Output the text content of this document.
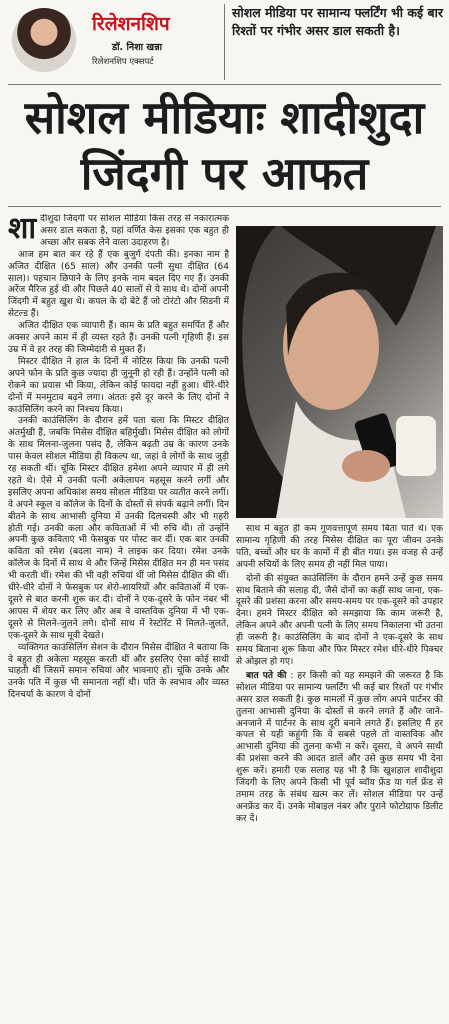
रिलेशनशिप
डॉ. निशा खन्ना
रिलेशनशिप एक्सपर्ट
सोशल मीडिया पर सामान्य फ्लर्टिंग भी कई बार रिश्तों पर गंभीर असर डाल सकती है।
सोशल मीडियाः शादीशुदा
जिंदगी पर आफत

शादीशुदा जिंदगी पर सोशल मीडिया किस तरह से नकारात्मक असर डाल सकता है, यहां वर्णित केस इसका एक बहुत ही अच्छा और सबक लेने वाला उदाहरण है।

आज हम बात कर रहे हैं एक बुजुर्ग दंपती की। इनका नाम है अजित दीक्षित (65 साल) और उनकी पत्नी सुधा दीक्षित (64 साल)। पहचान छिपाने के लिए इनके नाम बदल दिए गए हैं। उनकी अरेंज मैरिज हुई थी और पिछले 40 सालों से ये साथ थे। दोनों अपनी जिंदगी में बहुत खुश थे। कपल के दो बेटे हैं जो टोरंटो और सिडनी में सेटल्ड हैं।

अजित दीक्षित एक व्यापारी हैं। काम के प्रति बहुत समर्पित हैं और अक्सर अपने काम में ही व्यस्त रहते हैं। उनकी पत्नी गृहिणी हैं। इस उम्र में वे हर तरह की जिम्मेदारी से मुक्त हैं।

मिस्टर दीक्षित ने हाल के दिनों में नोटिस किया कि उनकी पत्नी अपने फोन के प्रति कुछ ज्यादा ही जुनूनी हो रही हैं। उन्होंने पत्नी को रोकने का प्रयास भी किया, लेकिन कोई फायदा नहीं हुआ। धीरे-धीरे दोनों में मनमुटाव बढ़ने लगा। अंततः इसे दूर करने के लिए दोनों ने काउंसिलिंग करने का निश्चय किया।

उनकी काउंसिलिंग के दौरान हमें पता चला कि मिस्टर दीक्षित अंतर्मुखी हैं, जबकि मिसेस दीक्षित बहिर्मुखी। मिसेस दीक्षित को लोगों के साथ मिलना-जुलना पसंद है, लेकिन बढ़ती उम्र के कारण उनके पास केवल सोशल मीडिया ही विकल्प था, जहां वे लोगों के साथ जुड़ी रह सकती थीं। चूंकि मिस्टर दीक्षित हमेशा अपने व्यापार में ही लगे रहते थे। ऐसे में उनकी पत्नी अकेलापन महसूस करने लगीं और इसलिए अपना अधिकांश समय सोशल मीडिया पर व्यतीत करने लगीं। वे अपने स्कूल व कॉलेज के दिनों के दोस्तों से संपर्क बढ़ाने लगीं। दिन बीतने के साथ आभासी दुनिया में उनकी दिलचस्पी और भी गहरी होती गई। उनकी कला और कविताओं में भी रुचि थी। तो उन्होंने अपनी कुछ कविताएं भी फेसबुक पर पोस्ट कर दीं। एक बार उनकी कविता को रमेश (बदला नाम) ने लाइक कर दिया। रमेश उनके कॉलेज के दिनों में साथ थे और जिन्हें मिसेस दीक्षित मन ही मन पसंद भी करती थीं। रमेश की भी वही रुचियां थीं जो मिसेस दीक्षित की थीं। धीरे-धीरे दोनों ने फेसबुक पर शेरो-शायरियों और कविताओं में एक-दूसरे से बात करनी शुरू कर दी। दोनों ने एक-दूसरे के फोन नंबर भी आपस में शेयर कर लिए और अब वे वास्तविक दुनिया में भी एक-दूसरे से मिलने-जुलने लगे। दोनों साथ में रेस्टोरेंट में मिलते-जुलते, एक-दूसरे के साथ मूवी देखते।

व्यक्तिगत काउंसिलिंग सेशन के दौरान मिसेस दीक्षित ने बताया कि वे बहुत ही अकेला महसूस करती थीं और इसलिए ऐसा कोई साथी चाहती थीं जिसमें समान रुचियां और भावनाएं हों। चूंकि उनके और उनके पति में कुछ भी समानता नहीं थी। पति के स्वभाव और व्यस्त दिनचर्या के कारण वे दोनों

साथ में बहुत ही कम गुणवत्तापूर्ण समय बिता पाते थे। एक सामान्य गृहिणी की तरह मिसेस दीक्षित का पूरा जीवन उनके पति, बच्चों और घर के कामों में ही बीत गया। इस वजह से उन्हें अपनी रुचियों के लिए समय ही नहीं मिल पाया।

दोनों की संयुक्त काउंसिलिंग के दौरान हमने उन्हें कुछ समय साथ बिताने की सलाह दी, जैसे दोनों का कहीं साथ जाना, एक-दूसरे की प्रशंसा करना और समय-समय पर एक-दूसरे को उपहार देना। हमने मिस्टर दीक्षित को समझाया कि काम जरूरी है, लेकिन अपने और अपनी पत्नी के लिए समय निकालना भी उतना ही जरूरी है। काउंसिलिंग के बाद दोनों ने एक-दूसरे के साथ समय बिताना शुरू किया और फिर मिस्टर रमेश धीरे-धीरे पिक्चर से ओझल हो गए।

बात पते की : हर किसी को यह समझने की जरूरत है कि सोशल मीडिया पर सामान्य फ्लर्टिंग भी कई बार रिश्तों पर गंभीर असर डाल सकती है। कुछ मामलों में कुछ लोग अपने पार्टनर की तुलना आभासी दुनिया के दोस्तों से करने लगते हैं और जाने-अनजाने में पार्टनर के साथ दूरी बनाने लगते हैं। इसलिए मैं हर कपल से यही कहूंगी कि वे सबसे पहले तो वास्तविक और आभासी दुनिया की तुलना कभी न करें। दूसरा, वे अपने साथी की प्रशंसा करने की आदत डालें और उसे कुछ समय भी देना शुरू करें। हमारी एक सलाह यह भी है कि खुशहाल शादीशुदा जिंदगी के लिए अपने किसी भी पूर्व ब्वॉय फ्रेंड या गर्ल फ्रेंड से तमाम तरह के संबंध खत्म कर लें। सोशल मीडिया पर उन्हें अनफ्रेंड कर दें। उनके मोबाइल नंबर और पुराने फोटोग्राफ डिलीट कर दें।
